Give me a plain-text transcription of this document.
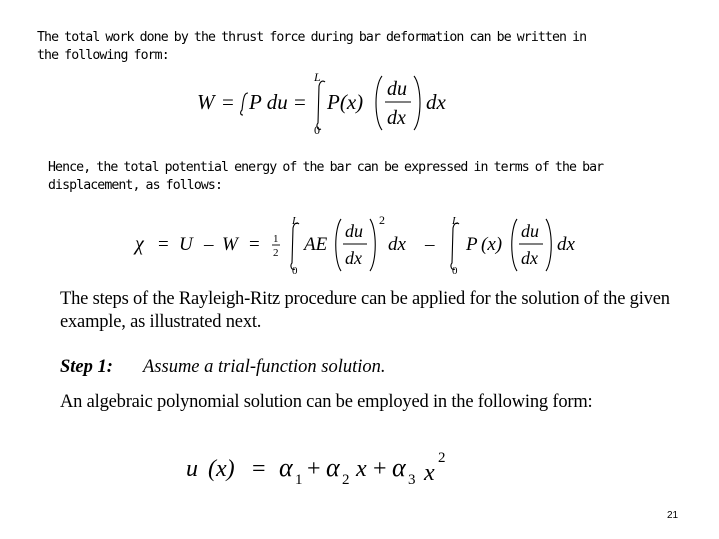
The total work done by the thrust force during bar deformation can be written in the following form:
W = P du =
L
0
P(x)
du
dx
dx
Hence, the total potential energy of the bar can be expressed in terms of the bar displacement, as follows:
χ = U – W = 1
2
L
0
AE
du
dx
2
dx –
L
0
P (x)
du
dx
dx
The steps of the Rayleigh-Ritz procedure can be applied for the solution of the given example, as illustrated next.
Step 1: Assume a trial-function solution.
An algebraic polynomial solution can be employed in the following form:
u (x) = α 1 + α 2 x + α 3 x
2
21
